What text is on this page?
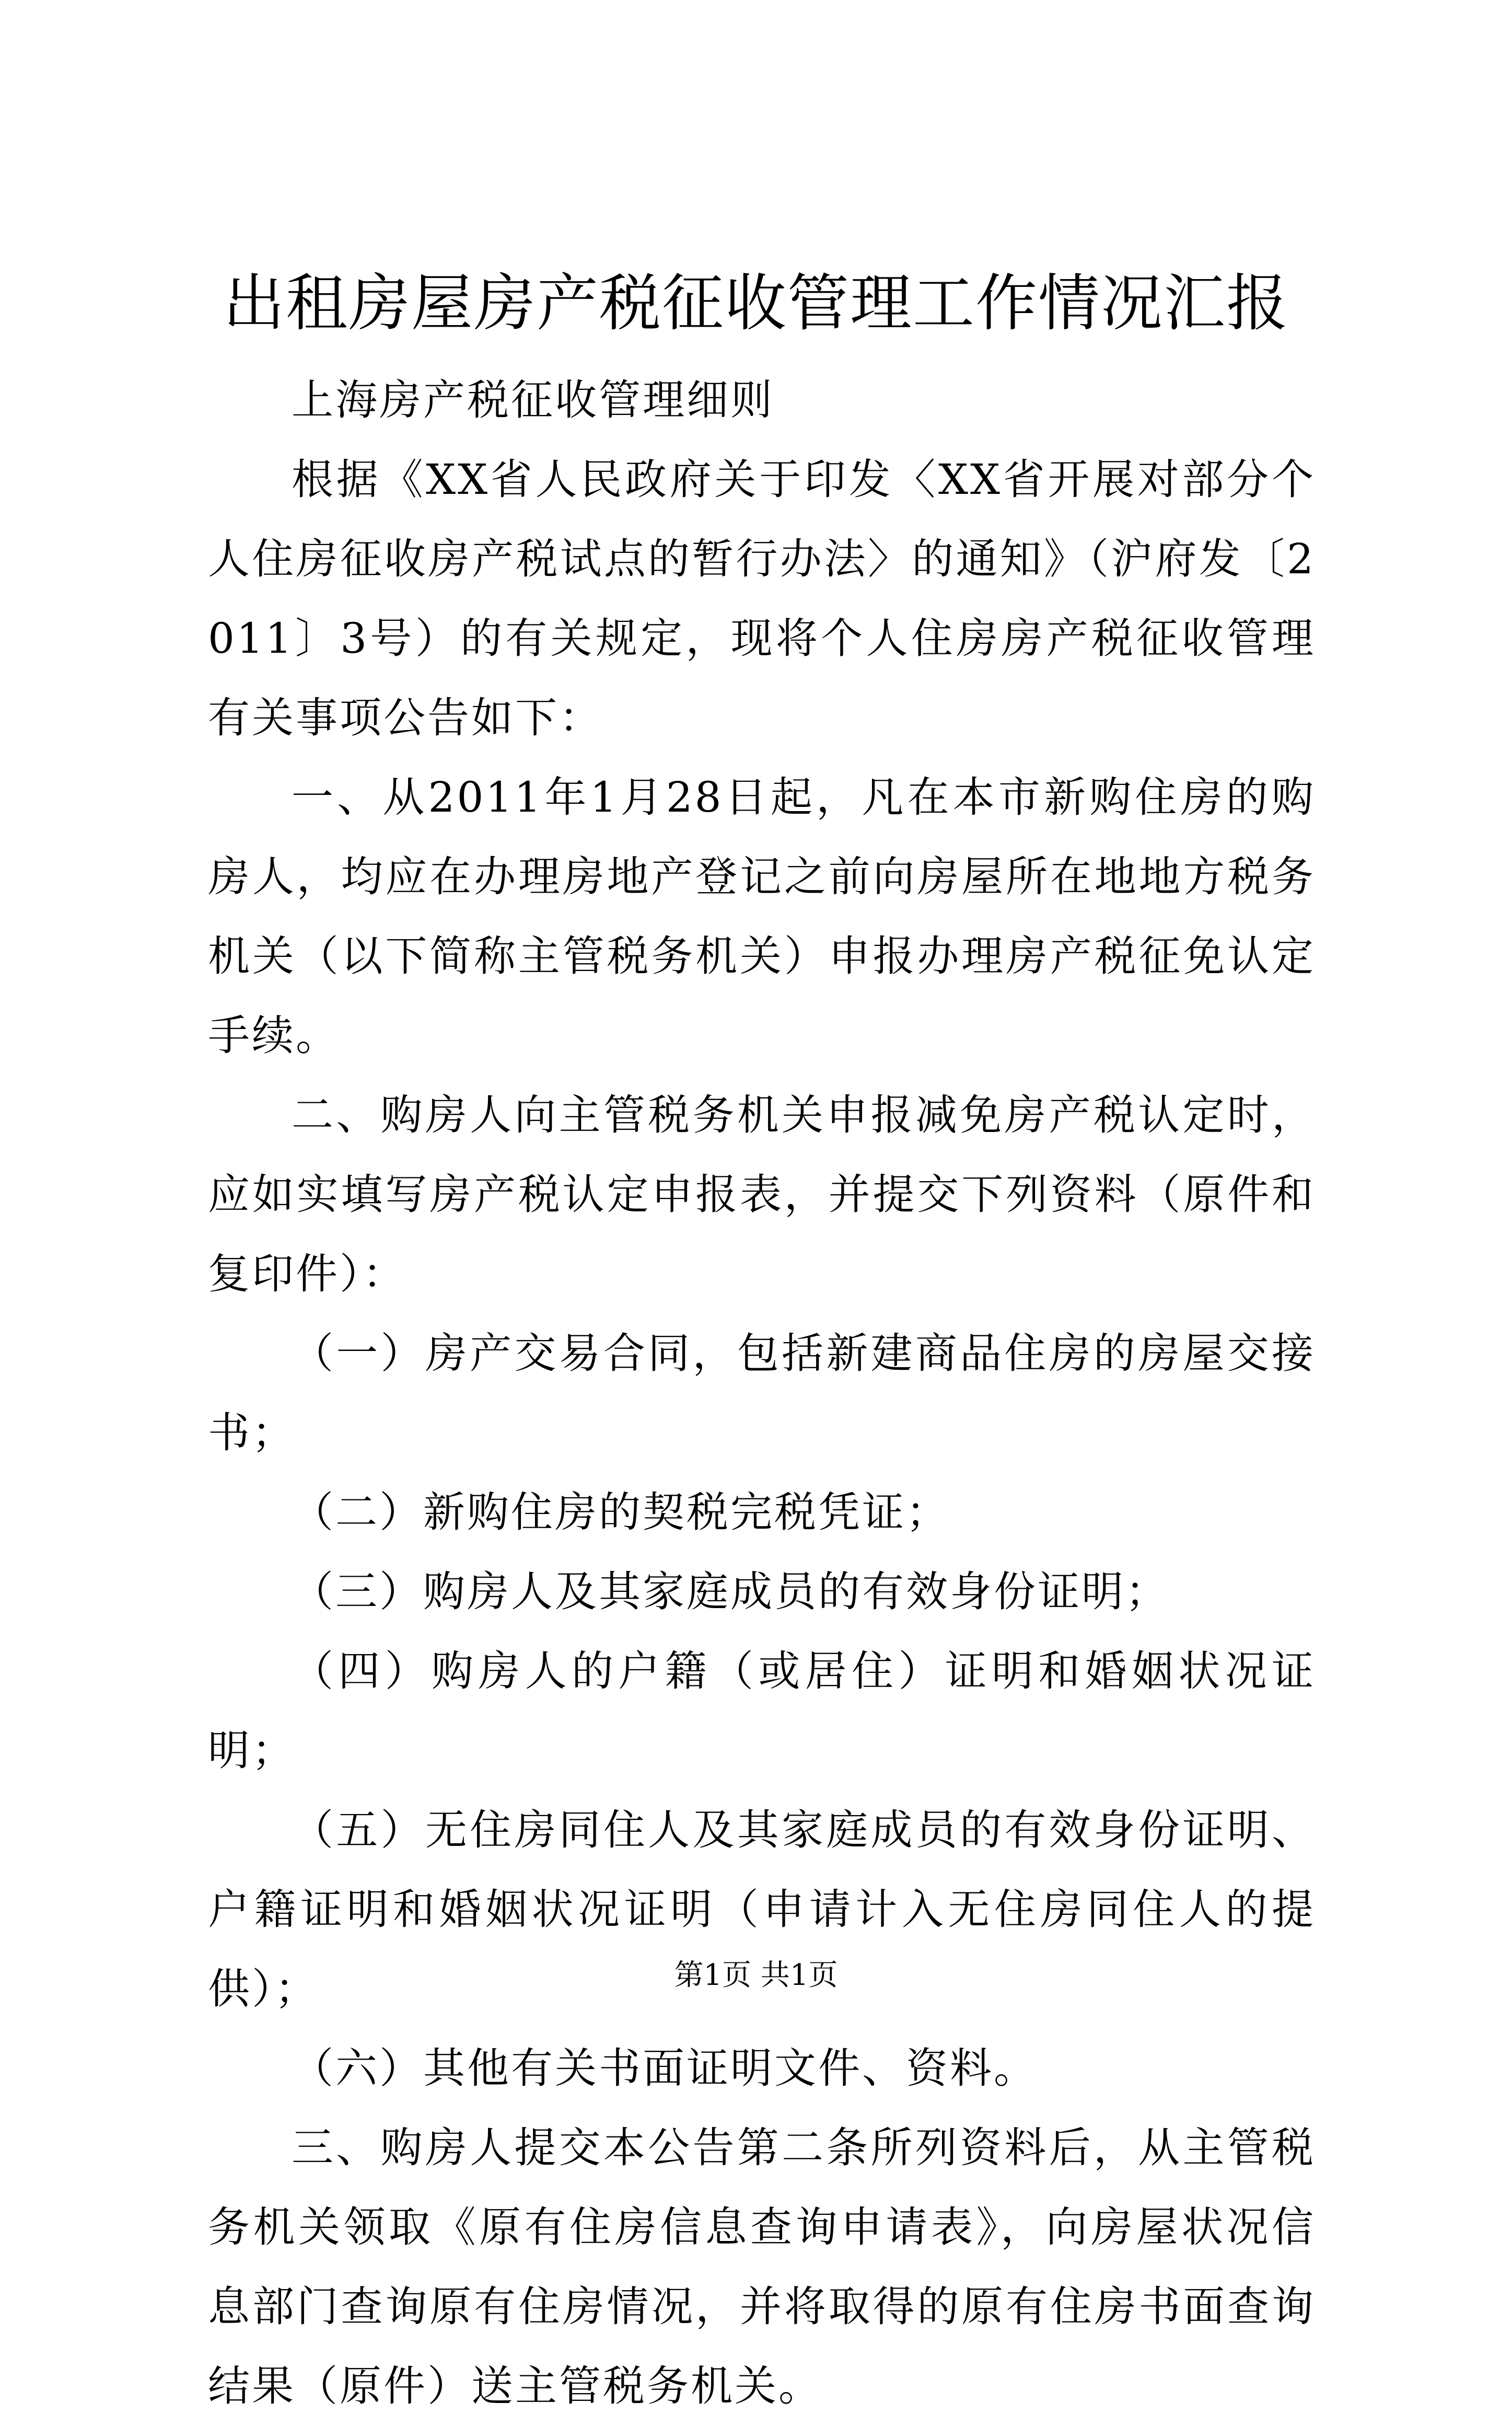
出租房屋房产税征收管理工作情况汇报

上海房产税征收管理细则

根据《XX省人民政府关于印发〈XX省开展对部分个人住房征收房产税试点的暂行办法〉的通知》（沪府发〔2011〕3号）的有关规定，现将个人住房房产税征收管理有关事项公告如下：

一、从2011年1月28日起，凡在本市新购住房的购房人，均应在办理房地产登记之前向房屋所在地地方税务机关（以下简称主管税务机关）申报办理房产税征免认定手续。

二、购房人向主管税务机关申报减免房产税认定时，应如实填写房产税认定申报表，并提交下列资料（原件和复印件）：

（一）房产交易合同，包括新建商品住房的房屋交接书；

（二）新购住房的契税完税凭证；

（三）购房人及其家庭成员的有效身份证明；

（四）购房人的户籍（或居住）证明和婚姻状况证明；

（五）无住房同住人及其家庭成员的有效身份证明、户籍证明和婚姻状况证明（申请计入无住房同住人的提供）；

（六）其他有关书面证明文件、资料。

三、购房人提交本公告第二条所列资料后，从主管税务机关领取《原有住房信息查询申请表》，向房屋状况信息部门查询原有住房情况，并将取得的原有住房书面查询结果（原件）送主管税务机关。

第1页 共1页
